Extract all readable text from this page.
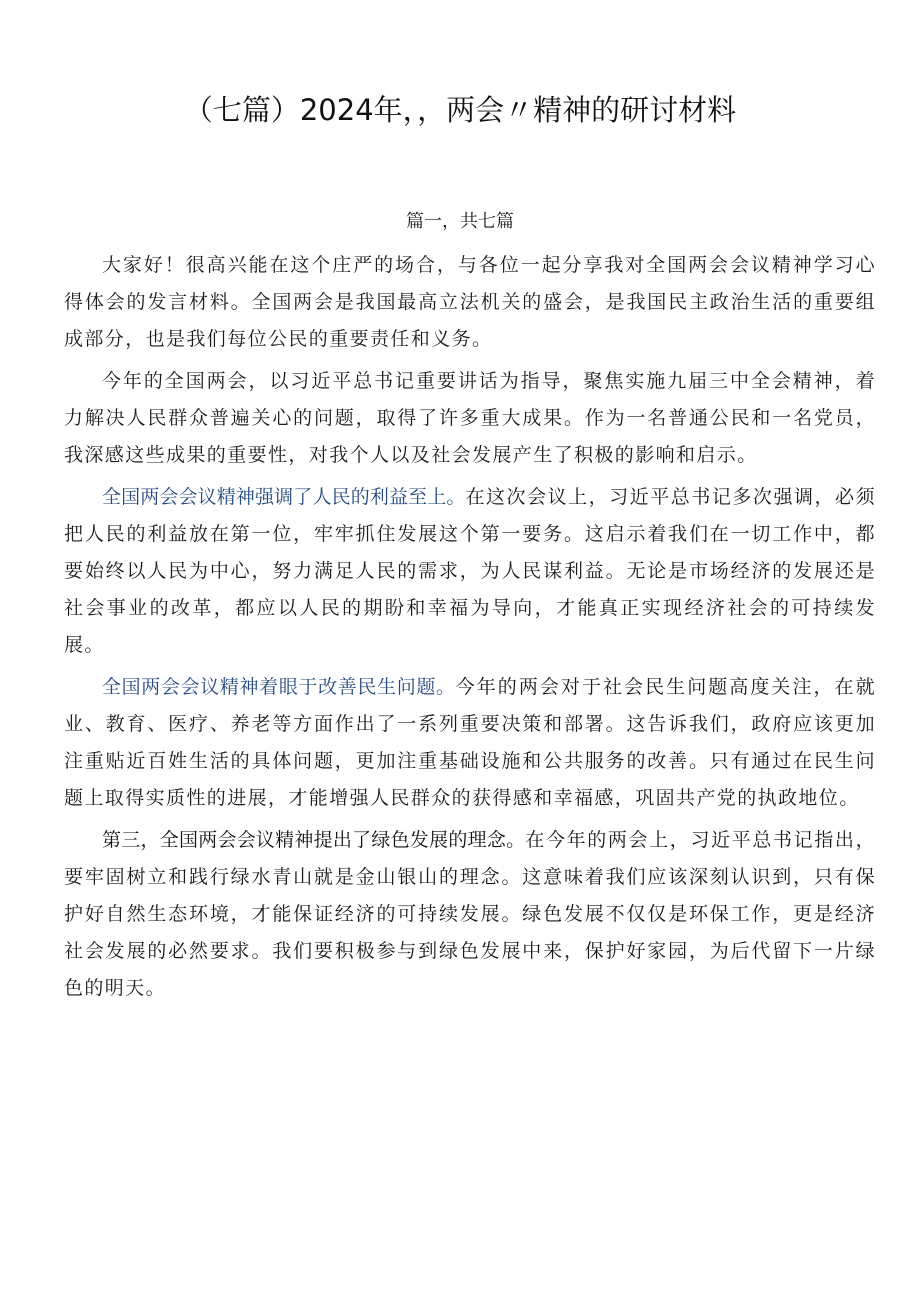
（七篇）2024年，，两会〃精神的研讨材料
篇一，共七篇

大家好！很高兴能在这个庄严的场合，与各位一起分享我对全国两会会议精神学习心得体会的发言材料。全国两会是我国最高立法机关的盛会，是我国民主政治生活的重要组成部分，也是我们每位公民的重要责任和义务。

今年的全国两会，以习近平总书记重要讲话为指导，聚焦实施九届三中全会精神，着力解决人民群众普遍关心的问题，取得了许多重大成果。作为一名普通公民和一名党员，我深感这些成果的重要性，对我个人以及社会发展产生了积极的影响和启示。

全国两会会议精神强调了人民的利益至上。在这次会议上，习近平总书记多次强调，必须把人民的利益放在第一位，牢牢抓住发展这个第一要务。这启示着我们在一切工作中，都要始终以人民为中心，努力满足人民的需求，为人民谋利益。无论是市场经济的发展还是社会事业的改革，都应以人民的期盼和幸福为导向，才能真正实现经济社会的可持续发展。

全国两会会议精神着眼于改善民生问题。今年的两会对于社会民生问题高度关注，在就业、教育、医疗、养老等方面作出了一系列重要决策和部署。这告诉我们，政府应该更加注重贴近百姓生活的具体问题，更加注重基础设施和公共服务的改善。只有通过在民生问题上取得实质性的进展，才能增强人民群众的获得感和幸福感，巩固共产党的执政地位。

第三，全国两会会议精神提出了绿色发展的理念。在今年的两会上，习近平总书记指出，要牢固树立和践行绿水青山就是金山银山的理念。这意味着我们应该深刻认识到，只有保护好自然生态环境，才能保证经济的可持续发展。绿色发展不仅仅是环保工作，更是经济社会发展的必然要求。我们要积极参与到绿色发展中来，保护好家园，为后代留下一片绿色的明天。
